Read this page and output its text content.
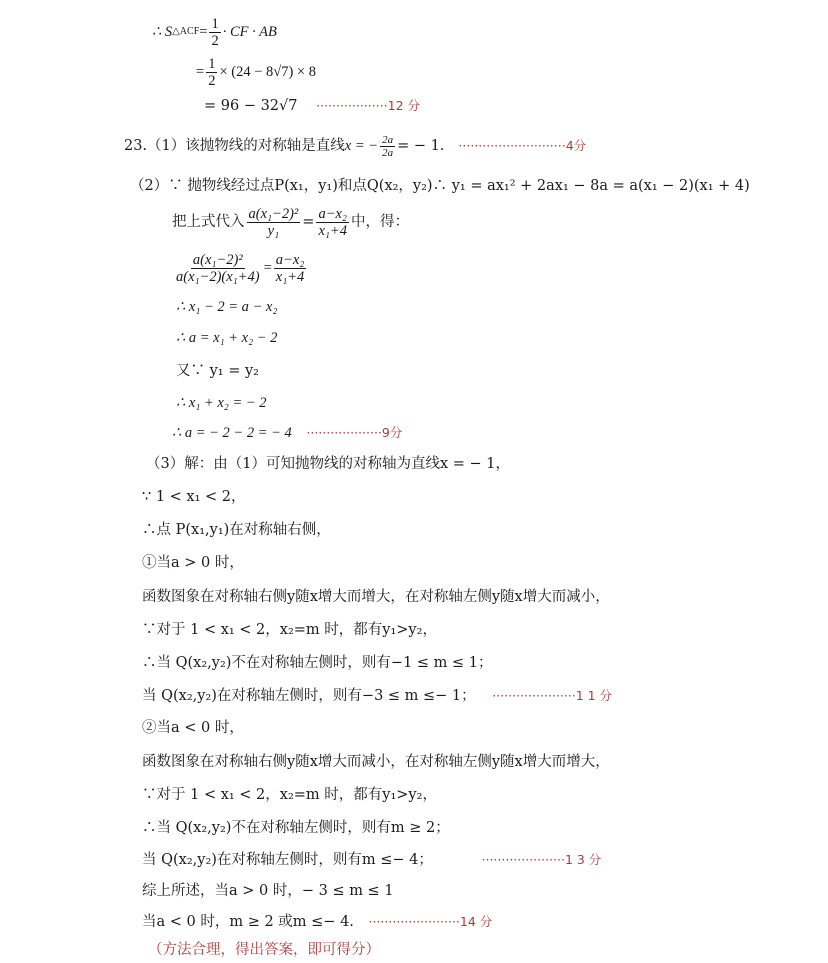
∴ S △ACF = $\frac{1}{2}$ · CF · AB
= $\frac{1}{2} \times (24 - 8√7) \times 8$
= 96 − 32√7 ··················12 分
23.（1）该抛物线的对称轴是直线 x = − $\frac{2a}{2a}$ = − 1. ···························4分
（2）∵ 抛物线经过点P(x₁，y₁)和点Q(x₂，y₂)∴ y₁ = ax₁² + 2ax₁ − 8a = a(x₁ − 2)(x₁ + 4)
把上式代入 $\frac{\text{a(x₁−2)²}}{\text{y₁}} = \frac{\text{a−x₂}}{\text{x₁+4}}$ 中，得：
$\frac{\text{a(x₁−2)²}}{\text{a(x₁−2)(x₁+4)}} = \frac{\text{a−x₂}}{\text{x₁+4}}$
∴ x₁ − 2 = a − x₂
∴ a = x₁ + x₂ − 2
又∵ y₁ = y₂
∴ x₁ + x₂ = − 2
∴ a = − 2 − 2 = − 4 ···················9分
（3）解：由（1）可知抛物线的对称轴为直线x = − 1，
∵ 1 < x₁ < 2，
∴点 P(x₁,y₁)在对称轴右侧，
①当a > 0 时，
函数图象在对称轴右侧y随x增大而增大，在对称轴左侧y随x增大而减小，
∵对于 1 < x₁ < 2，x₂=m 时，都有y₁>y₂，
∴当 Q(x₂,y₂)不在对称轴左侧时，则有−1 ≤ m ≤ 1；
当 Q(x₂,y₂)在对称轴左侧时，则有−3 ≤ m ≤− 1； ·····················1 1 分
②当a < 0 时，
函数图象在对称轴右侧y随x增大而减小，在对称轴左侧y随x增大而增大，
∵对于 1 < x₁ < 2，x₂=m 时，都有y₁>y₂，
∴当 Q(x₂,y₂)不在对称轴左侧时，则有m ≥ 2；
当 Q(x₂,y₂)在对称轴左侧时，则有m ≤− 4；	·····················1 3 分
综上所述，当a > 0 时，− 3 ≤ m ≤ 1
当a < 0 时，m ≥ 2 或m ≤− 4. ·······················14 分
（方法合理，得出答案，即可得分）
